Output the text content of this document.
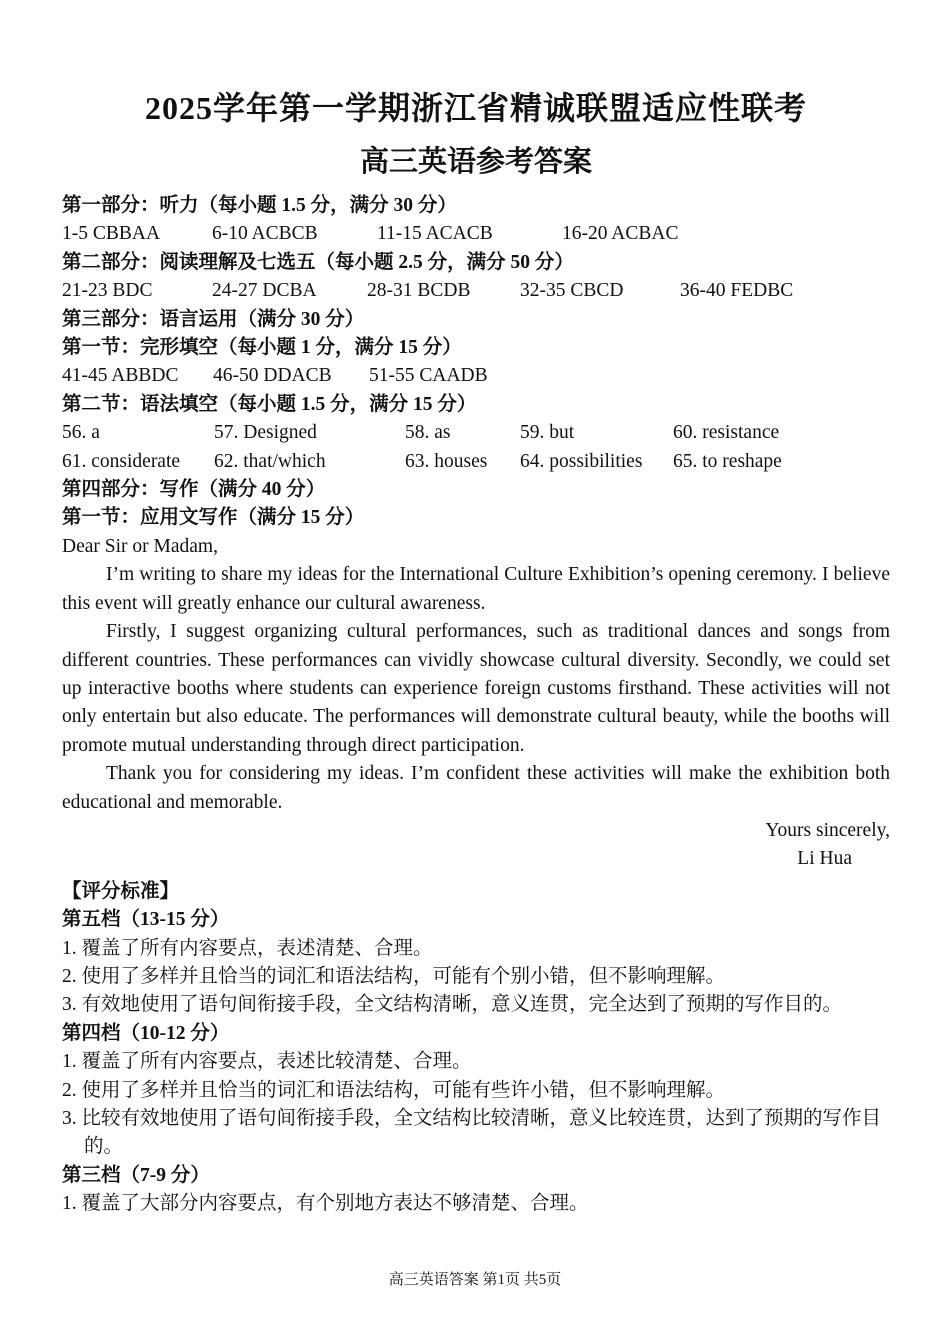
2025学年第一学期浙江省精诚联盟适应性联考
高三英语参考答案
第一部分：听力（每小题 1.5 分，满分 30 分）
1-5 CBBAA	6-10 ACBCB	11-15 ACACB	16-20 ACBAC
第二部分：阅读理解及七选五（每小题 2.5 分，满分 50 分）
21-23 BDC	24-27 DCBA	28-31 BCDB	32-35 CBCD	36-40 FEDBC
第三部分：语言运用（满分 30 分）
第一节：完形填空（每小题 1 分，满分 15 分）
41-45 ABBDC	46-50 DDACB	51-55 CAADB
第二节：语法填空（每小题 1.5 分，满分 15 分）
56. a	57. Designed	58. as	59. but	60. resistance
61. considerate	62. that/which	63. houses	64. possibilities	65. to reshape
第四部分：写作（满分 40 分）
第一节：应用文写作（满分 15 分）
Dear Sir or Madam,
I’m writing to share my ideas for the International Culture Exhibition’s opening ceremony. I believe this event will greatly enhance our cultural awareness.
Firstly, I suggest organizing cultural performances, such as traditional dances and songs from different countries. These performances can vividly showcase cultural diversity. Secondly, we could set up interactive booths where students can experience foreign customs firsthand. These activities will not only entertain but also educate. The performances will demonstrate cultural beauty, while the booths will promote mutual understanding through direct participation.
Thank you for considering my ideas. I’m confident these activities will make the exhibition both educational and memorable.
Yours sincerely,
Li Hua
【评分标准】
第五档（13-15 分）
1. 覆盖了所有内容要点，表述清楚、合理。
2. 使用了多样并且恰当的词汇和语法结构，可能有个别小错，但不影响理解。
3. 有效地使用了语句间衔接手段，全文结构清晰，意义连贯，完全达到了预期的写作目的。
第四档（10-12 分）
1. 覆盖了所有内容要点，表述比较清楚、合理。
2. 使用了多样并且恰当的词汇和语法结构，可能有些许小错，但不影响理解。
3. 比较有效地使用了语句间衔接手段，全文结构比较清晰，意义比较连贯，达到了预期的写作目的。
第三档（7-9 分）
1. 覆盖了大部分内容要点，有个别地方表达不够清楚、合理。
高三英语答案 第1页 共5页
